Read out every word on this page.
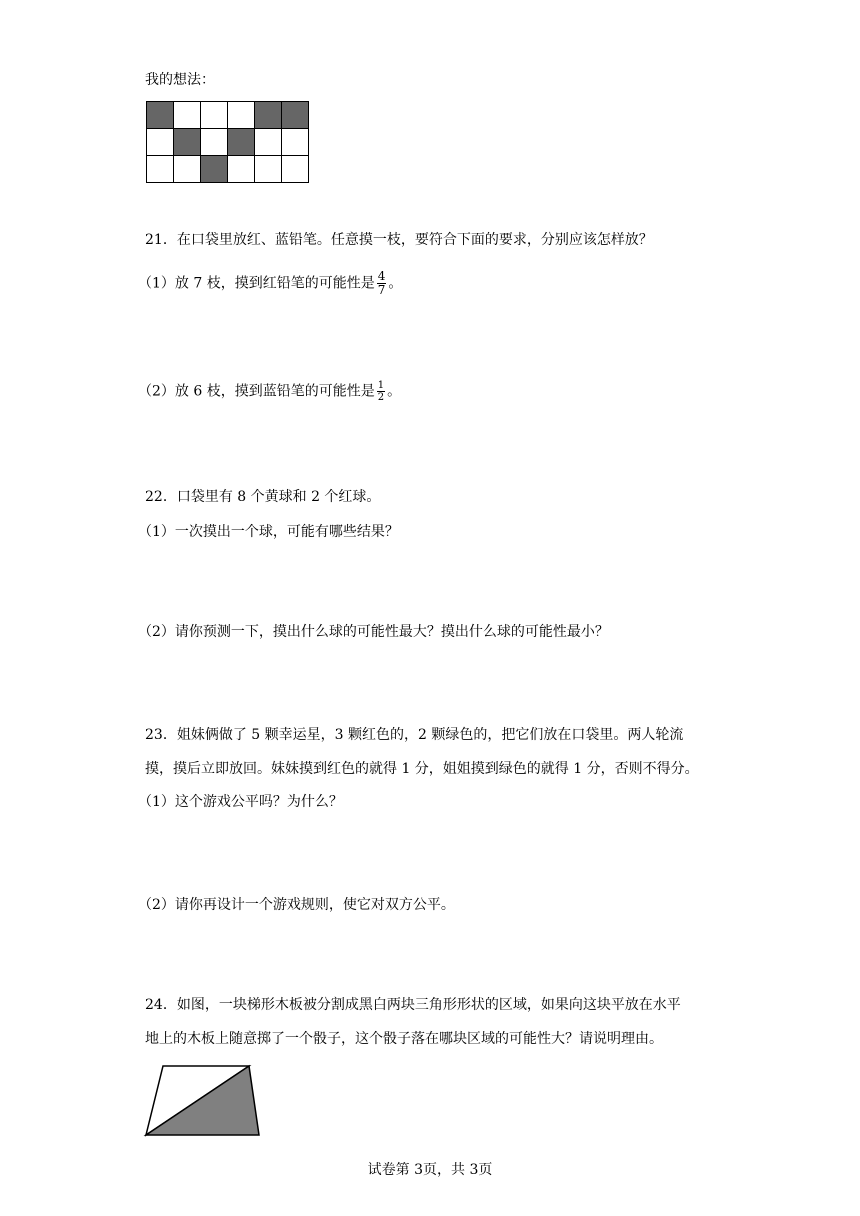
我的想法：

21．在口袋里放红、蓝铅笔。任意摸一枝，要符合下面的要求，分别应该怎样放？
（1）放 7 枝，摸到红铅笔的可能性是 $\frac{4}{7}$ 。
（2）放 6 枝，摸到蓝铅笔的可能性是 $\frac{1}{2}$ 。
22．口袋里有 8 个黄球和 2 个红球。
（1）一次摸出一个球，可能有哪些结果？
（2）请你预测一下，摸出什么球的可能性最大？摸出什么球的可能性最小？
23．姐妹俩做了 5 颗幸运星，3 颗红色的，2 颗绿色的，把它们放在口袋里。两人轮流
摸，摸后立即放回。妹妹摸到红色的就得 1 分，姐姐摸到绿色的就得 1 分，否则不得分。
（1）这个游戏公平吗？为什么？
（2）请你再设计一个游戏规则，使它对双方公平。
24．如图，一块梯形木板被分割成黑白两块三角形形状的区域，如果向这块平放在水平
地上的木板上随意掷了一个骰子，这个骰子落在哪块区域的可能性大？请说明理由。
试卷第 3页，共 3页
